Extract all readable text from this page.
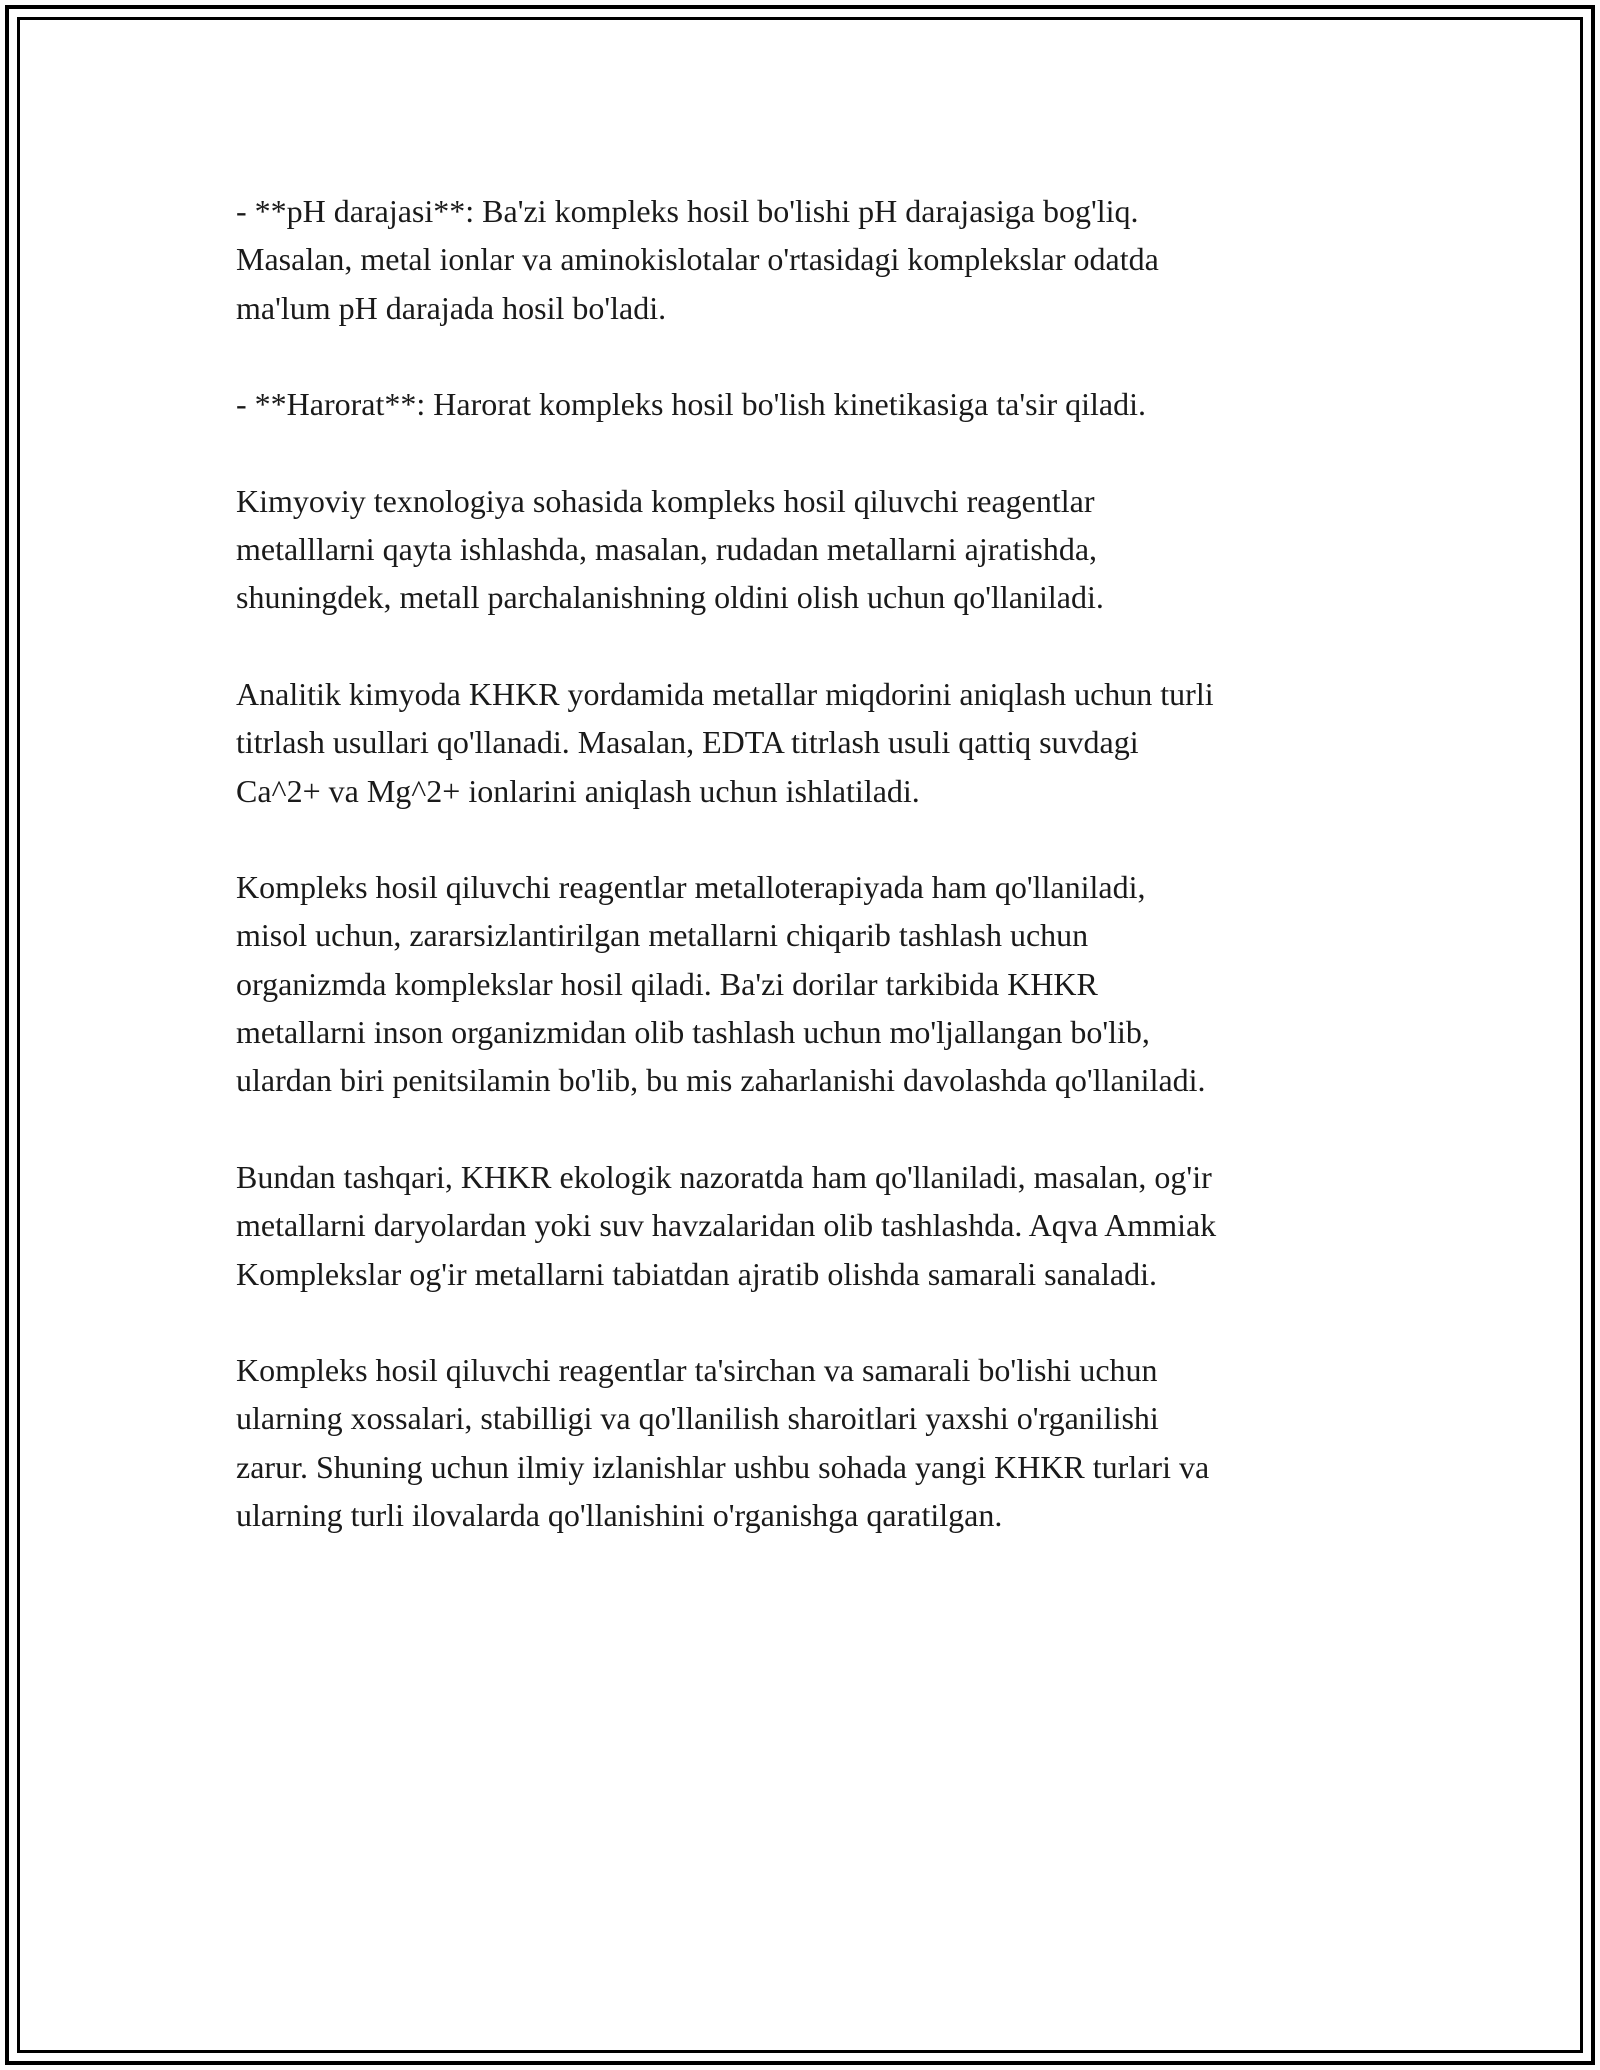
- **pH darajasi**: Ba'zi kompleks hosil bo'lishi pH darajasiga bog'liq.
Masalan, metal ionlar va aminokislotalar o'rtasidagi komplekslar odatda
ma'lum pH darajada hosil bo'ladi.

- **Harorat**: Harorat kompleks hosil bo'lish kinetikasiga ta'sir qiladi.

Kimyoviy texnologiya sohasida kompleks hosil qiluvchi reagentlar
metalllarni qayta ishlashda, masalan, rudadan metallarni ajratishda,
shuningdek, metall parchalanishning oldini olish uchun qo'llaniladi.

Analitik kimyoda KHKR yordamida metallar miqdorini aniqlash uchun turli
titrlash usullari qo'llanadi. Masalan, EDTA titrlash usuli qattiq suvdagi
Ca^2+ va Mg^2+ ionlarini aniqlash uchun ishlatiladi.

Kompleks hosil qiluvchi reagentlar metalloterapiyada ham qo'llaniladi,
misol uchun, zararsizlantirilgan metallarni chiqarib tashlash uchun
organizmda komplekslar hosil qiladi. Ba'zi dorilar tarkibida KHKR
metallarni inson organizmidan olib tashlash uchun mo'ljallangan bo'lib,
ulardan biri penitsilamin bo'lib, bu mis zaharlanishi davolashda qo'llaniladi.

Bundan tashqari, KHKR ekologik nazoratda ham qo'llaniladi, masalan, og'ir
metallarni daryolardan yoki suv havzalaridan olib tashlashda. Aqva Ammiak
Komplekslar og'ir metallarni tabiatdan ajratib olishda samarali sanaladi.

Kompleks hosil qiluvchi reagentlar ta'sirchan va samarali bo'lishi uchun
ularning xossalari, stabilligi va qo'llanilish sharoitlari yaxshi o'rganilishi
zarur. Shuning uchun ilmiy izlanishlar ushbu sohada yangi KHKR turlari va
ularning turli ilovalarda qo'llanishini o'rganishga qaratilgan.
